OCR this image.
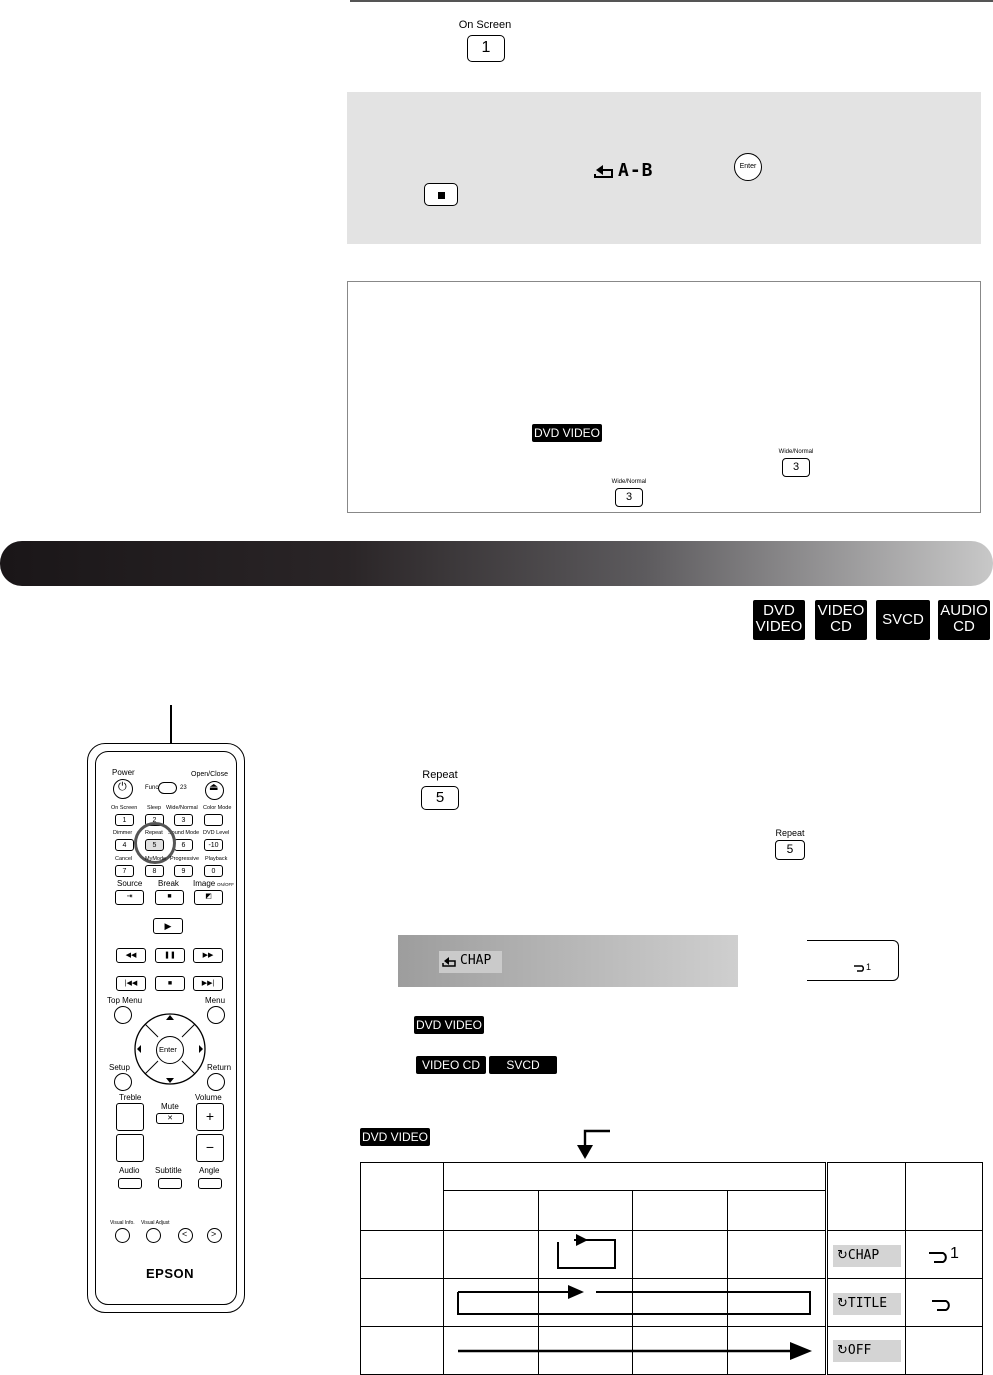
On Screen
1
A-B	Enter
DVD VIDEO
Wide/Normal
3
Wide/Normal
3
DVD
VIDEO
VIDEO
CD	SVCD
AUDIO
CD
Repeat
5
Repeat
5
CHAP	1
DVD VIDEO
VIDEO CD	SVCD
DVD VIDEO

↻CHAP
↻TITLE
↻OFF
1
Power
⏻	Func	23
Open/Close
⏏
On Screen Sleep Wide/Normal Color Mode
1	2	3
Dimmer Repeat Sound Mode DVD Level
4	5	6	-10
Cancel MyMode Progressive Playback
7	8	9	0
Source Break Image ON/OFF
⇥	■	◩
▶
◀◀	❚❚	▶▶
|◀◀	■	▶▶|
Top Menu	Menu
Enter
Setup	Return
Treble
Mute
Volume
✕	+
−
Audio Subtitle Angle
Visual Info. Visual Adjust
<	>
EPSON
